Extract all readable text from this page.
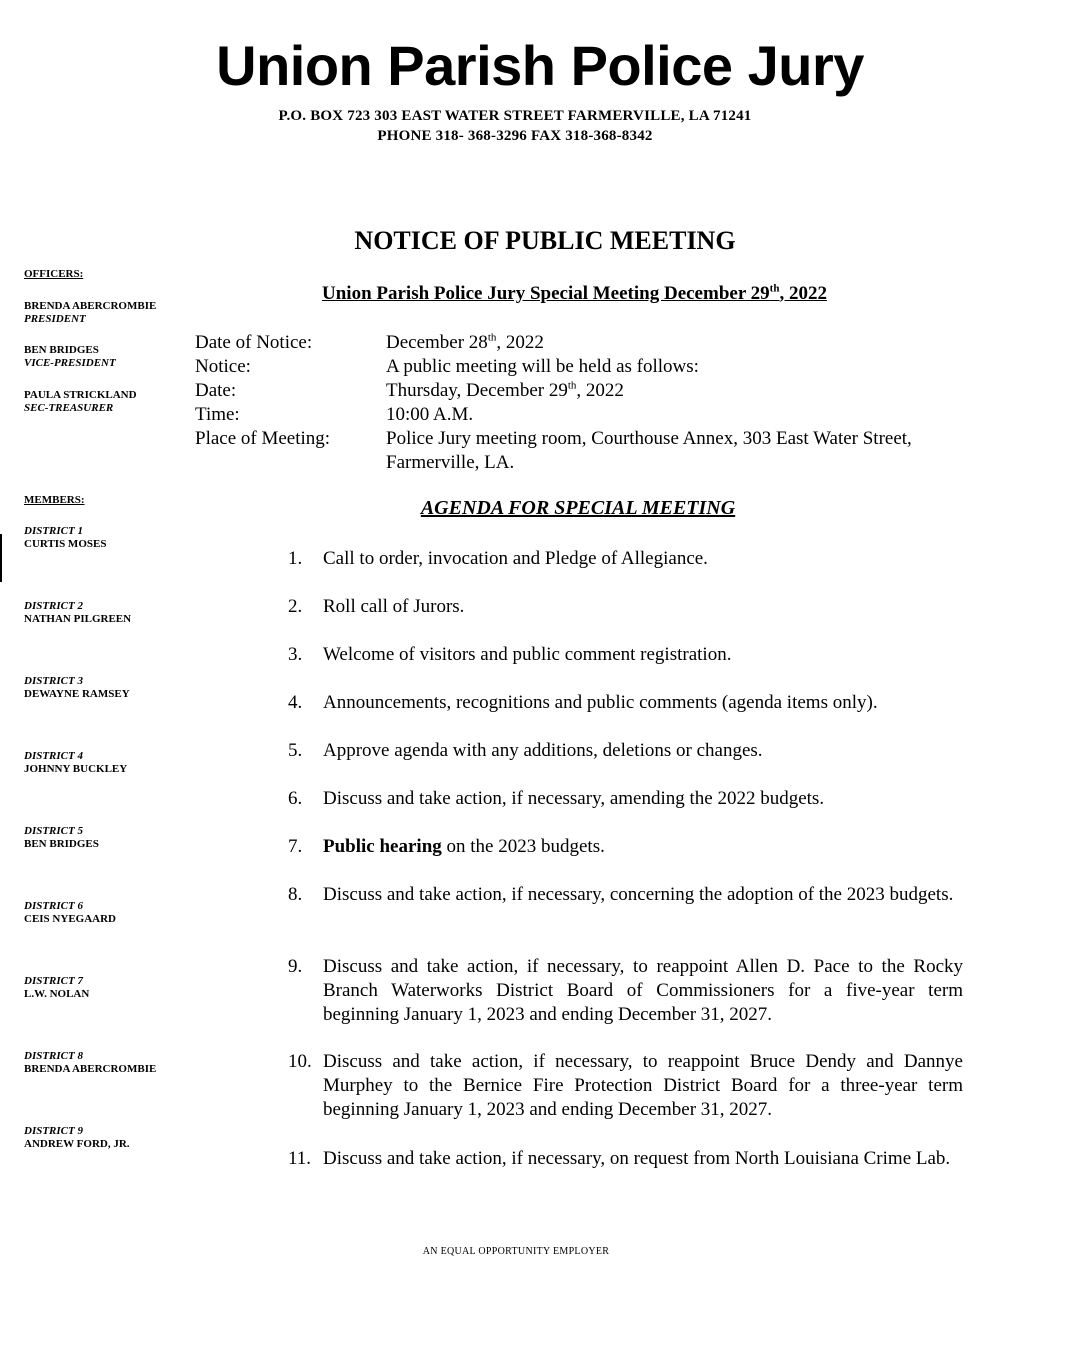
Union Parish Police Jury
P.O. BOX 723 303 EAST WATER STREET FARMERVILLE, LA 71241
PHONE 318- 368-3296 FAX 318-368-8342
NOTICE OF PUBLIC MEETING
Union Parish Police Jury Special Meeting December 29th, 2022
OFFICERS:
BRENDA ABERCROMBIE
PRESIDENT
BEN BRIDGES
VICE-PRESIDENT
PAULA STRICKLAND
SEC-TREASURER
MEMBERS:
DISTRICT 1
CURTIS MOSES
DISTRICT 2
NATHAN PILGREEN
DISTRICT 3
DEWAYNE RAMSEY
DISTRICT 4
JOHNNY BUCKLEY
DISTRICT 5
BEN BRIDGES
DISTRICT 6
CEIS NYEGAARD
DISTRICT 7
L.W. NOLAN
DISTRICT 8
BRENDA ABERCROMBIE
DISTRICT 9
ANDREW FORD, JR.
Date of Notice:	December 28th, 2022
Notice:	A public meeting will be held as follows:
Date:	Thursday, December 29th, 2022
Time:	10:00 A.M.
Place of Meeting:	Police Jury meeting room, Courthouse Annex, 303 East Water Street, Farmerville, LA.
AGENDA FOR SPECIAL MEETING
1.	Call to order, invocation and Pledge of Allegiance.
2.	Roll call of Jurors.
3.	Welcome of visitors and public comment registration.
4.	Announcements, recognitions and public comments (agenda items only).
5.	Approve agenda with any additions, deletions or changes.
6.	Discuss and take action, if necessary, amending the 2022 budgets.
7.	Public hearing on the 2023 budgets.
8.	Discuss and take action, if necessary, concerning the adoption of the 2023 budgets.
9.	Discuss and take action, if necessary, to reappoint Allen D. Pace to the Rocky Branch Waterworks District Board of Commissioners for a five-year term beginning January 1, 2023 and ending December 31, 2027.
10. Discuss and take action, if necessary, to reappoint Bruce Dendy and Dannye Murphey to the Bernice Fire Protection District Board for a three-year term beginning January 1, 2023 and ending December 31, 2027.
11. Discuss and take action, if necessary, on request from North Louisiana Crime Lab.
AN EQUAL OPPORTUNITY EMPLOYER
